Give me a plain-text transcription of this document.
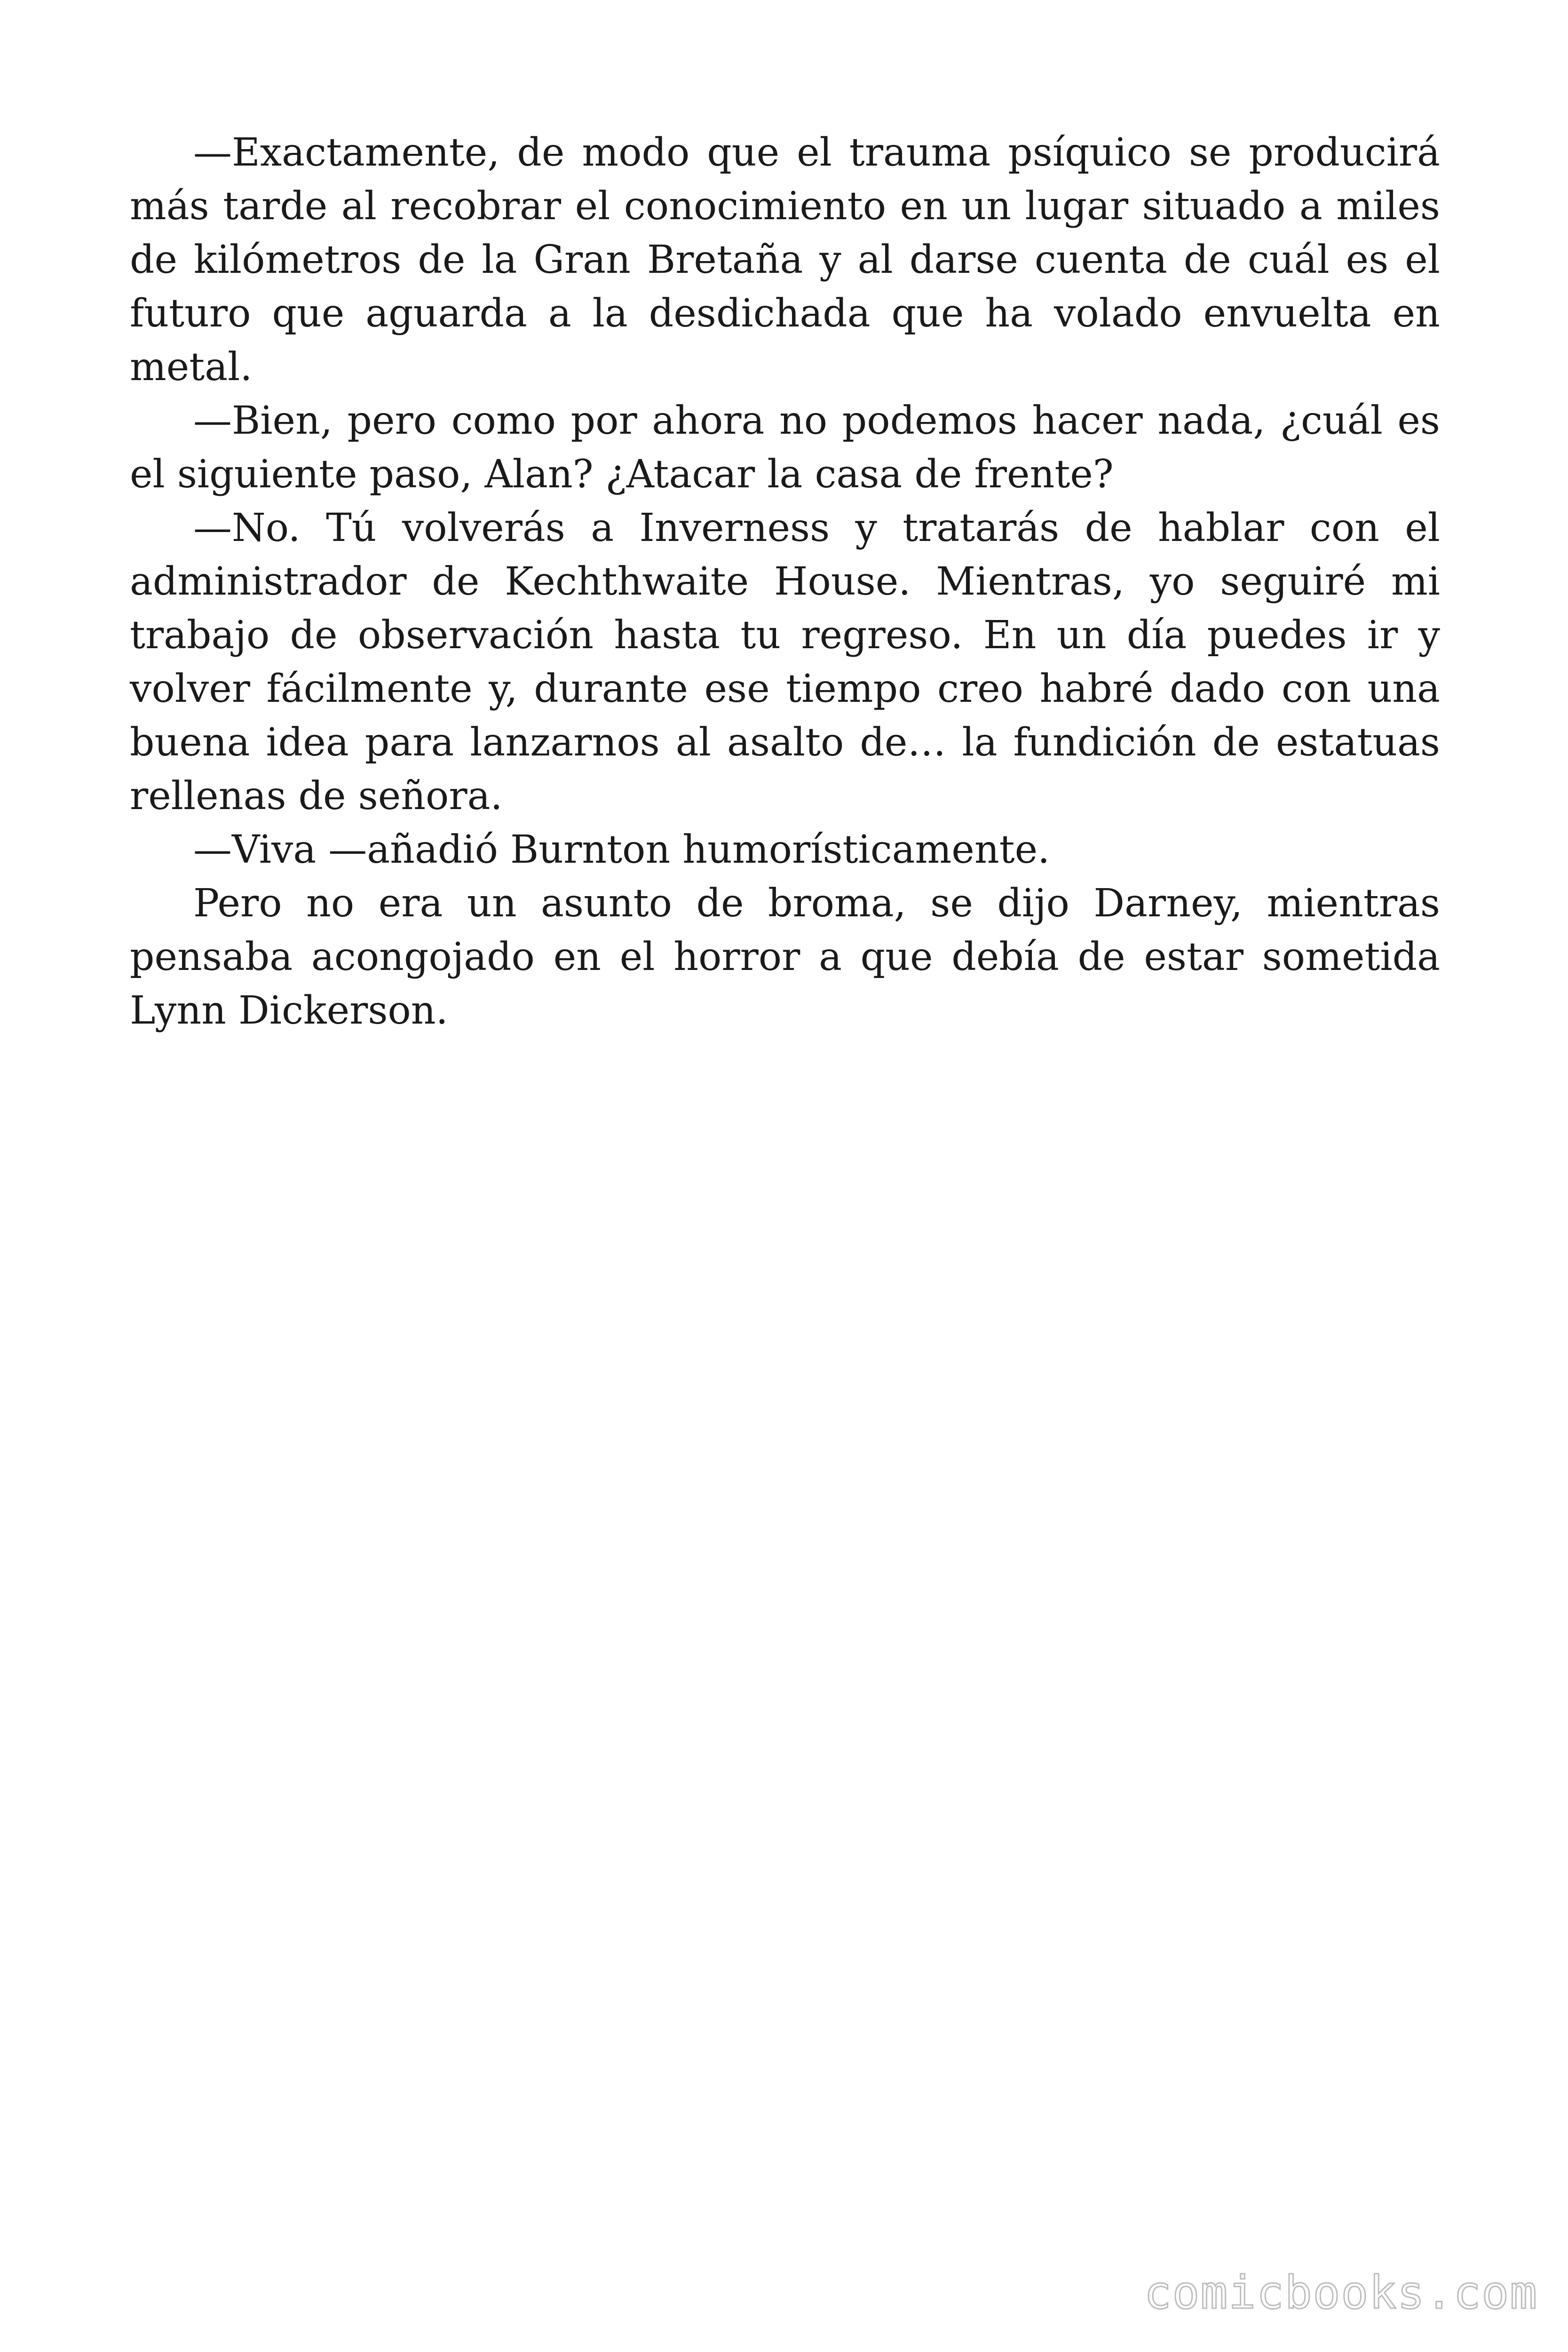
—Exactamente, de modo que el trauma psíquico se producirá más tarde al recobrar el conocimiento en un lugar situado a miles de kilómetros de la Gran Bretaña y al darse cuenta de cuál es el futuro que aguarda a la desdichada que ha volado envuelta en metal.

—Bien, pero como por ahora no podemos hacer nada, ¿cuál es el siguiente paso, Alan? ¿Atacar la casa de frente?

—No. Tú volverás a Inverness y tratarás de hablar con el administrador de Kechthwaite House. Mientras, yo seguiré mi trabajo de observación hasta tu regreso. En un día puedes ir y volver fácilmente y, durante ese tiempo creo habré dado con una buena idea para lanzarnos al asalto de… la fundición de estatuas rellenas de señora.

—Viva —añadió Burnton humorísticamente.

Pero no era un asunto de broma, se dijo Darney, mientras pensaba acongojado en el horror a que debía de estar sometida Lynn Dickerson.

comicbooks.com
